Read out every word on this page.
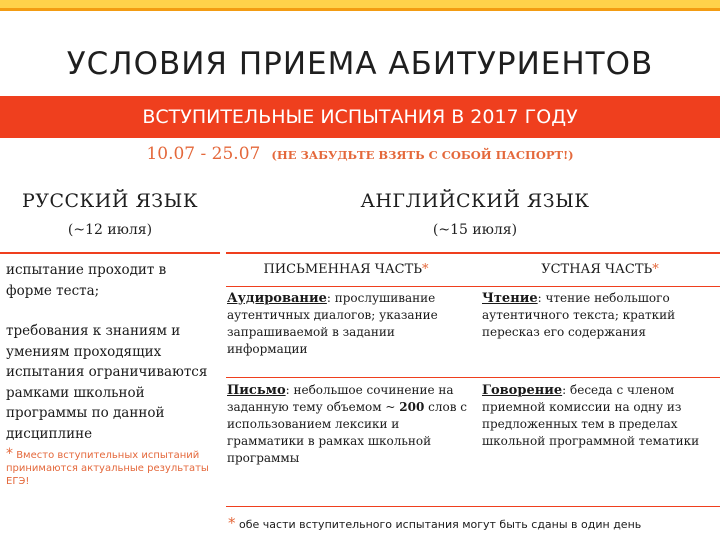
УСЛОВИЯ ПРИЕМА АБИТУРИЕНТОВ
ВСТУПИТЕЛЬНЫЕ ИСПЫТАНИЯ В 2017 ГОДУ
10.07 - 25.07 (НЕ ЗАБУДЬТЕ ВЗЯТЬ С СОБОЙ ПАСПОРТ!)
РУССКИЙ ЯЗЫК
(~12 июля)
АНГЛИЙСКИЙ ЯЗЫК
(~15 июля)
испытание проходит в форме теста;
требования к знаниям и умениям проходящих испытания ограничиваются рамками школьной программы по данной дисциплине
* Вместо вступительных испытаний принимаются актуальные результаты ЕГЭ!
ПИСЬМЕННАЯ ЧАСТЬ*	УСТНАЯ ЧАСТЬ*
Аудирование: прослушивание аутентичных диалогов; указание запрашиваемой в задании информации
Чтение: чтение небольшого аутентичного текста; краткий пересказ его содержания
Письмо: небольшое сочинение на заданную тему объемом ~ 200 слов с использованием лексики и грамматики в рамках школьной программы
Говорение: беседа с членом приемной комиссии на одну из предложенных тем в пределах школьной программной тематики
* обе части вступительного испытания могут быть сданы в один день
